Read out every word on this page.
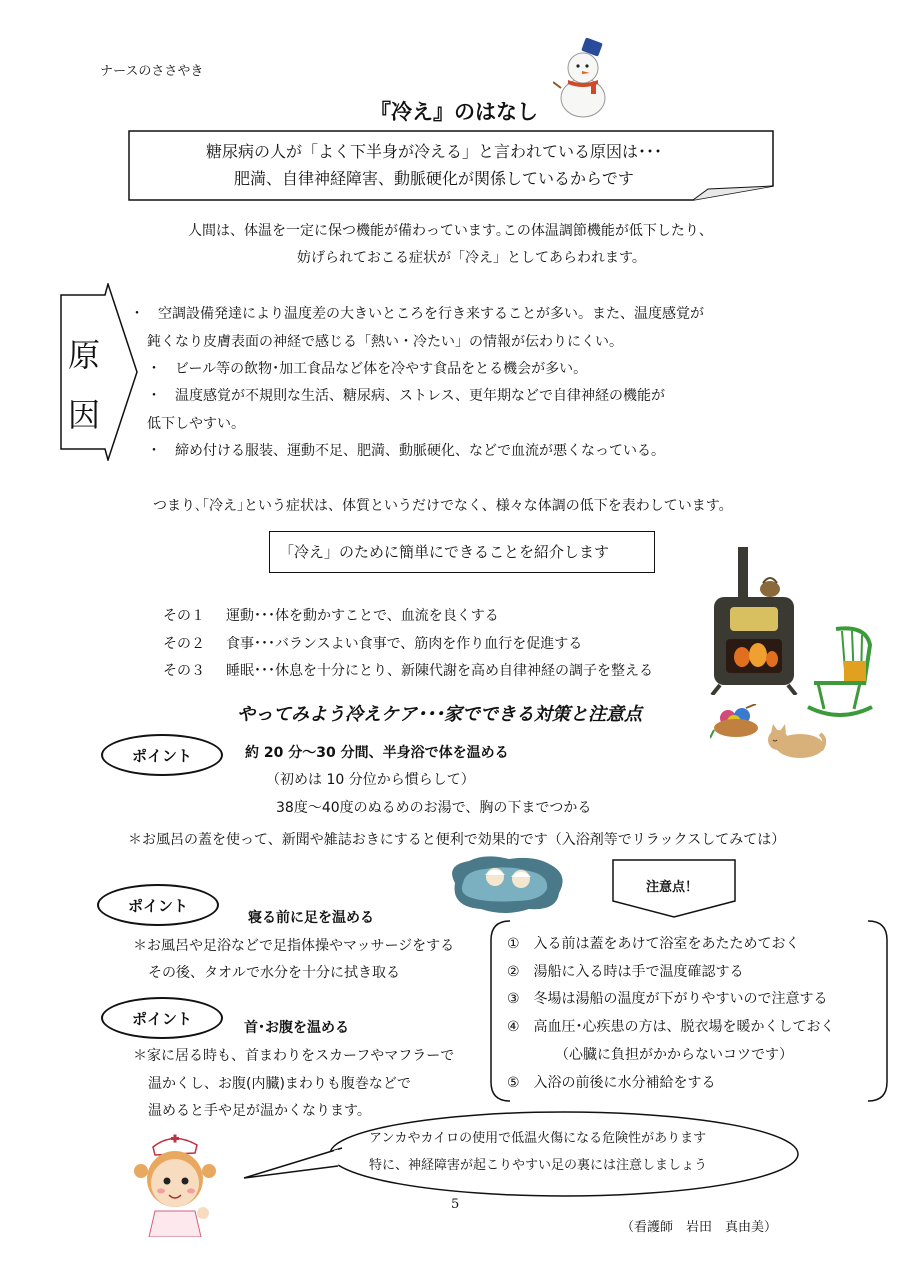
ナースのささやき
『冷え』のはなし
糖尿病の人が「よく下半身が冷える」と言われている原因は･･･
肥満、自律神経障害、動脈硬化が関係しているからです
人間は、体温を一定に保つ機能が備わっています｡この体温調節機能が低下したり、
妨げられておこる症状が「冷え」としてあらわれます。
原
因
・　空調設備発達により温度差の大きいところを行き来することが多い。また、温度感覚が
鈍くなり皮膚表面の神経で感じる「熱い・冷たい」の情報が伝わりにくい。
・　ビール等の飲物･加工食品など体を冷やす食品をとる機会が多い。
・　温度感覚が不規則な生活、糖尿病、ストレス、更年期などで自律神経の機能が
低下しやすい。
・　締め付ける服装、運動不足、肥満、動脈硬化、などで血流が悪くなっている。
つまり､｢冷え｣という症状は、体質というだけでなく、様々な体調の低下を表わしています。
「冷え」のために簡単にできることを紹介します
その１ 運動･･･体を動かすことで、血流を良くする
その２ 食事･･･バランスよい食事で、筋肉を作り血行を促進する
その３ 睡眠･･･休息を十分にとり、新陳代謝を高め自律神経の調子を整える
やってみよう冷えケア･･･家でできる対策と注意点
ポイント	約 20 分～30 分間、半身浴で体を温める
（初めは 10 分位から慣らして）
38度～40度のぬるめのお湯で、胸の下までつかる
＊お風呂の蓋を使って、新聞や雑誌おきにすると便利で効果的です（入浴剤等でリラックスしてみては）
注意点！
ポイント
寝る前に足を温める
＊お風呂や足浴などで足指体操やマッサージをする
その後、タオルで水分を十分に拭き取る
①　入る前は蓋をあけて浴室をあたためておく
②　湯船に入る時は手で温度確認する
③　冬場は湯船の温度が下がりやすいので注意する
④　高血圧･心疾患の方は、脱衣場を暖かくしておく
（心臓に負担がかからないコツです）
⑤　入浴の前後に水分補給をする
ポイント
首･お腹を温める
＊家に居る時も、首まわりをスカーフやマフラーで
温かくし、お腹(内臓)まわりも腹巻などで
温めると手や足が温かくなります。
アンカやカイロの使用で低温火傷になる危険性があります
特に、神経障害が起こりやすい足の裏には注意しましょう
5
（看護師　岩田　真由美）
